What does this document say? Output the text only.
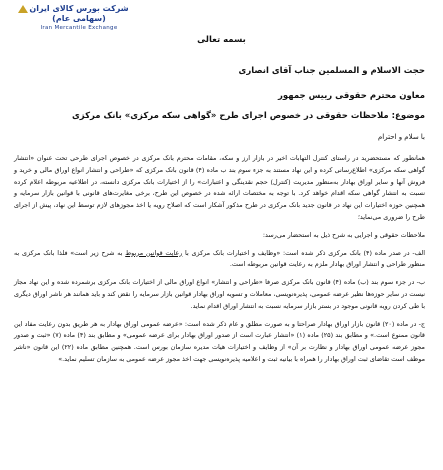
شرکت بورس کالای ایران (سهامی عام)
Iran Mercantile Exchange
بسمه تعالی
حجت الاسلام و المسلمین جناب آقای انصاری
معاون محترم حقوقی رییس جمهور
موضوع: ملاحظات حقوقی در خصوص اجرای طرح «گواهی سکه مرکزی» بانک مرکزی
با سلام و احترام

همانطور که مستحضرید در راستای کنترل التهابات اخیر در بازار ارز و سکه، مقامات محترم بانک مرکزی در خصوص اجرای طرحی تحت عنوان «انتشار گواهی سکه مرکزی» اطلاع‌رسانی کرده و این نهاد مستند به جزء سوم بند ب ماده (۴) قانون بانک مرکزی که «طراحی و انتشار انواع اوراق مالی و خرید و فروش آنها و سایر اوراق بهادار به‌منظور مدیریت (کنترل) حجم نقدینگی و اعتبارات» را از اختیارات بانک مرکزی دانسته، در اطلاعیه مربوطه اعلام کرده نسبت به انتشار گواهی سکه اقدام خواهد کرد. با توجه به مختصات ارائه شده در خصوص این طرح، برخی مغایرت‌های قانونی با قوانین بازار سرمایه و همچنین حوزه اختیارات این نهاد در قانون جدید بانک مرکزی در طرح مذکور آشکار است که اصلاح رویه یا اخذ مجوزهای لازم توسط این نهاد، پیش از اجرای طرح را ضروری می‌نماید؛

ملاحظات حقوقی و اجرایی به شرح ذیل به استحضار می‌رسد:

الف- در صدر ماده (۴) بانک مرکزی ذکر شده است: «وظایف و اختیارات بانک مرکزی با رعایت قوانین مربوط به شرح زیر است» فلذا بانک مرکزی به منظور طراحی و انتشار اوراق بهادار ملزم به رعایت قوانین مربوطه است.

ب- در جزء سوم بند (ب) ماده (۴) قانون بانک مرکزی صرفا «طراحی و انتشار» انواع اوراق مالی از اختیارات بانک مرکزی برشمرده شده و این نهاد مجاز نیست در سایر حوزه‌ها نظیر عرضه عمومی، پذیره‌نویسی، معاملات و تسویه اوراق بهادار قوانین بازار سرمایه را نقض کند و باید همانند هر ناشر اوراق دیگری با طی کردن رویه قانونی موجود در بستر بازار سرمایه نسبت به انتشار اوراق اقدام نماید.

ج- در ماده (۲۰) قانون بازار اوراق بهادار صراحتا و به صورت مطلق و عام ذکر شده است: «عرضه عمومی اوراق بهادار به هر طریق بدون رعایت مفاد این قانون ممنوع است.» و مطابق بند (۲۵) ماده (۱) «انتشار عبارت است از صدور اوراق بهادار برای عرضه عمومی» و مطابق بند (۴) ماده (۷) «ثبت و صدور مجوز عرضه عمومی اوراق بهادار و نظارت بر آن» از وظایف و اختیارات هیات مدیره سازمان بورس است. همچنین مطابق ماده (۲۲) این قانون «ناشر موظف است تقاضای ثبت اوراق بهادار را همراه با بیانیه ثبت و اعلامیه پذیره‌نویسی جهت اخذ مجوز عرضه عمومی به سازمان تسلیم نماید.»
